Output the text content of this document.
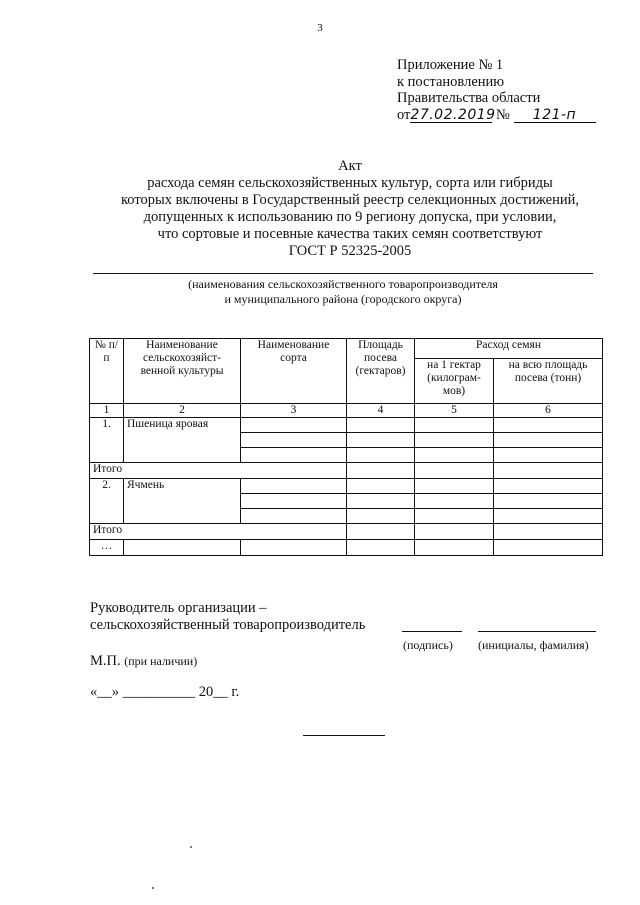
3
Приложение № 1
к постановлению
Правительства области
от27.02.2019 № 121-п
Акт
расхода семян сельскохозяйственных культур, сорта или гибриды
которых включены в Государственный реестр селекционных достижений,
допущенных к использованию по 9 региону допуска, при условии,
что сортовые и посевные качества таких семян соответствуют
ГОСТ Р 52325-2005
(наименования сельскохозяйственного товаропроизводителя
и муниципального района (городского округа)
№ п/п	Наименование сельскохозяйст-венной культуры	Наименование сорта	Площадь посева (гектаров)	Расход семян	
				на 1 гектар (килограм-мов)	на всю площадь посева (тонн)
1	2	3	4	5	6
1.	Пшеница яровая				

Итого					
2.	Ячмень				

Итого					
…					
Руководитель организации –
сельскохозяйственный товаропроизводитель
(подпись) (инициалы, фамилия)
М.П. (при наличии)
«__» __________ 20__ г.
